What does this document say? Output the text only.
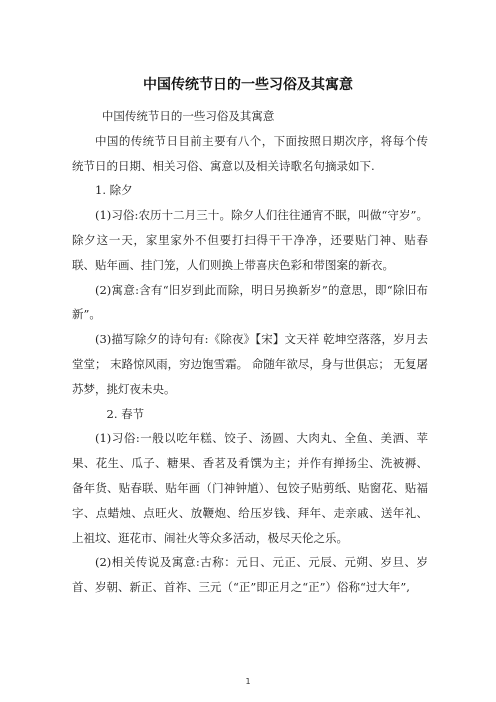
中国传统节日的一些习俗及其寓意

中国传统节日的一些习俗及其寓意

中国的传统节日目前主要有八个，下面按照日期次序，将每个传统节日的日期、相关习俗、寓意以及相关诗歌名句摘录如下.

1. 除夕

(1)习俗:农历十二月三十。除夕人们往往通宵不眠，叫做“守岁”。除夕这一天，家里家外不但要打扫得干干净净，还要贴门神、贴春联、贴年画、挂门笼，人们则换上带喜庆色彩和带图案的新衣。

(2)寓意:含有“旧岁到此而除，明日另换新岁”的意思，即“除旧布新”。

(3)描写除夕的诗句有:《除夜》【宋】文天祥 乾坤空落落，岁月去堂堂； 末路惊风雨，穷边饱雪霜。 命随年欲尽，身与世俱忘； 无复屠苏梦，挑灯夜未央。

2. 春节

(1)习俗:一般以吃年糕、饺子、汤圆、大肉丸、全鱼、美酒、苹果、花生、瓜子、糖果、香茗及肴馔为主；并作有掸扬尘、洗被褥、备年货、贴春联、贴年画（门神钟馗）、包饺子贴剪纸、贴窗花、贴福字、点蜡烛、点旺火、放鞭炮、给压岁钱、拜年、走亲戚、送年礼、上祖坟、逛花市、闹社火等众多活动，极尽天伦之乐。

(2)相关传说及寓意:古称：元日、元正、元辰、元朔、岁旦、岁首、岁朝、新正、首祚、三元（“正”即正月之“正”）俗称“过大年”,

1
